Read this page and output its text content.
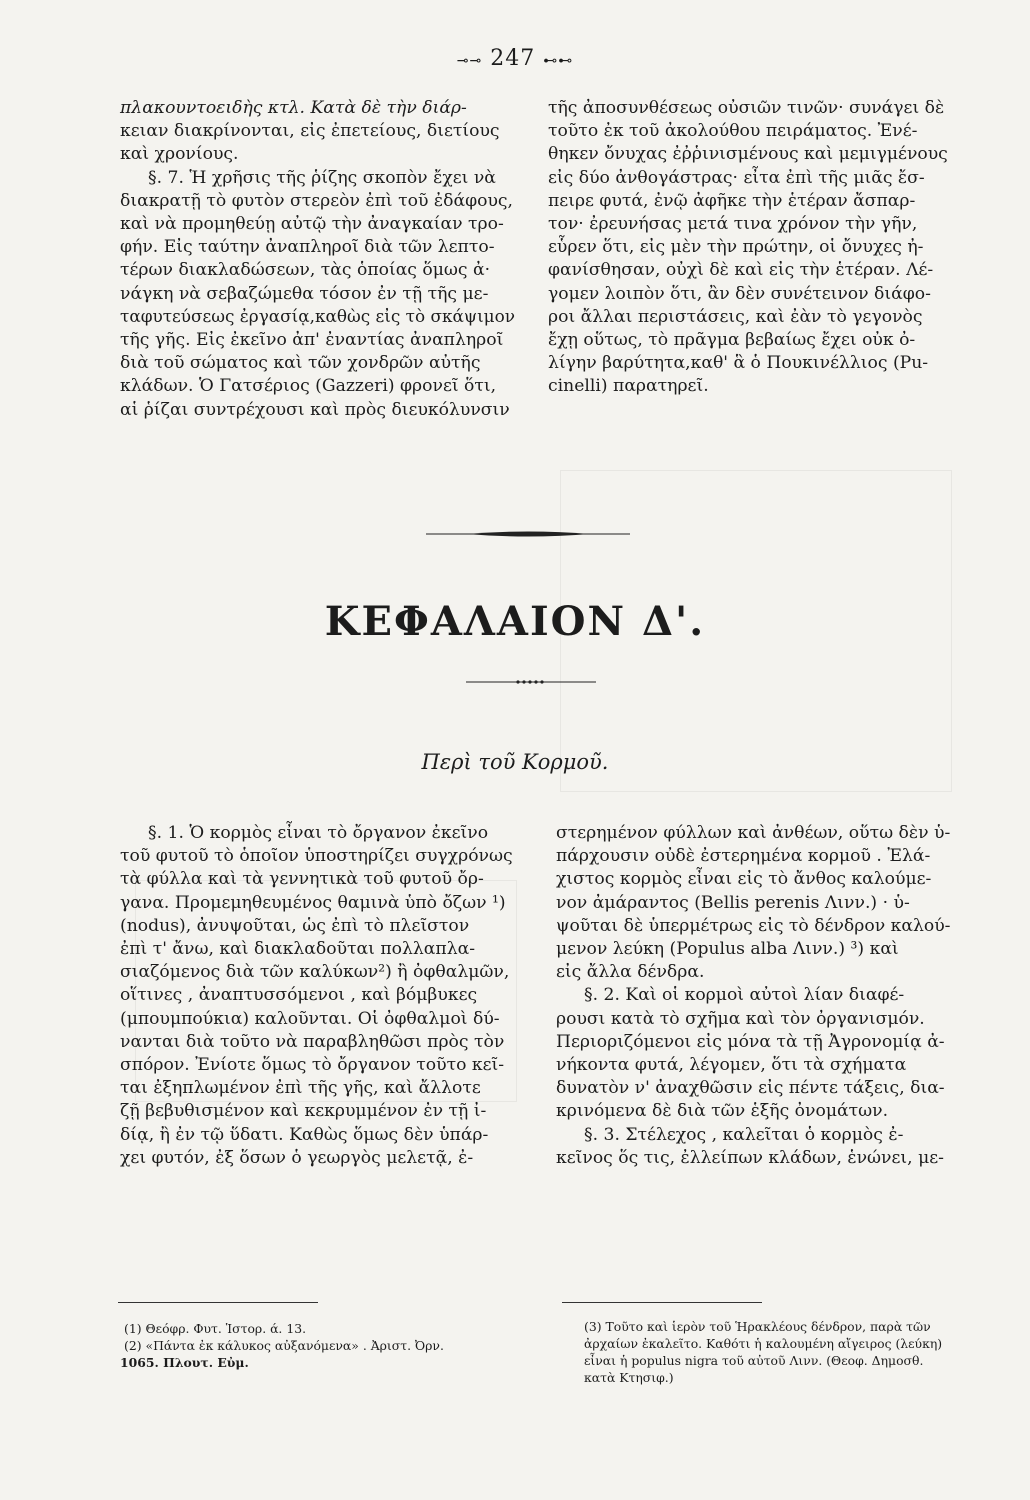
⊸⊸ 247 ⊷⊷
πλακουντοειδὴς κτλ. Κατὰ δὲ τὴν διάρ-
κειαν διακρίνονται, εἰς ἐπετείους, διετίους
καὶ χρονίους.
§. 7. Ἡ χρῆσις τῆς ῥίζης σκοπὸν ἔχει νὰ
διακρατῇ τὸ φυτὸν στερεὸν ἐπὶ τοῦ ἐδάφους,
καὶ νὰ προμηθεύῃ αὐτῷ τὴν ἀναγκαίαν τρο-
φήν. Εἰς ταύτην ἀναπληροῖ διὰ τῶν λεπτο-
τέρων διακλαδώσεων, τὰς ὁποίας ὅμως ἀ·
νάγκη νὰ σεβαζώμεθα τόσον ἐν τῇ τῆς με-
ταφυτεύσεως ἐργασίᾳ,καθὼς εἰς τὸ σκάψιμον
τῆς γῆς. Εἰς ἐκεῖνο ἀπ' ἐναντίας ἀναπληροῖ
διὰ τοῦ σώματος καὶ τῶν χονδρῶν αὐτῆς
κλάδων. Ὁ Γατσέριος (Gazzeri) φρονεῖ ὅτι,
αἱ ῥίζαι συντρέχουσι καὶ πρὸς διευκόλυνσιν
τῆς ἀποσυνθέσεως οὐσιῶν τινῶν· συνάγει δὲ
τοῦτο ἐκ τοῦ ἀκολούθου πειράματος. Ἐνέ-
θηκεν ὄνυχας ἐῤῥινισμένους καὶ μεμιγμένους
εἰς δύο ἀνθογάστρας· εἶτα ἐπὶ τῆς μιᾶς ἔσ-
πειρε φυτά, ἐνῷ ἀφῆκε τὴν ἑτέραν ἄσπαρ-
τον· ἐρευνήσας μετά τινα χρόνον τὴν γῆν,
εὗρεν ὅτι, εἰς μὲν τὴν πρώτην, οἱ ὄνυχες ἠ-
φανίσθησαν, οὐχὶ δὲ καὶ εἰς τὴν ἑτέραν. Λέ-
γομεν λοιπὸν ὅτι, ἂν δὲν συνέτεινον διάφο-
ροι ἄλλαι περιστάσεις, καὶ ἐὰν τὸ γεγονὸς
ἔχῃ οὕτως, τὸ πρᾶγμα βεβαίως ἔχει οὐκ ὀ-
λίγην βαρύτητα,καθ' ἃ ὁ Πουκινέλλιος (Pu-
cinelli) παρατηρεῖ.
ΚΕΦΑΛΑΙΟΝ Δ'.
Περὶ τοῦ Κορμοῦ.
§. 1. Ὁ κορμὸς εἶναι τὸ ὄργανον ἐκεῖνο
τοῦ φυτοῦ τὸ ὁποῖον ὑποστηρίζει συγχρόνως
τὰ φύλλα καὶ τὰ γεννητικὰ τοῦ φυτοῦ ὄρ-
γανα. Προμεμηθευμένος θαμινὰ ὑπὸ ὄζων ¹)
(nodus), ἀνυψοῦται, ὡς ἐπὶ τὸ πλεῖστον
ἐπὶ τ' ἄνω, καὶ διακλαδοῦται πολλαπλα-
σιαζόμενος διὰ τῶν καλύκων²) ἢ ὀφθαλμῶν,
οἵτινες , ἀναπτυσσόμενοι , καὶ βόμβυκες
(μπουμπούκια) καλοῦνται. Οἱ ὀφθαλμοὶ δύ-
νανται διὰ τοῦτο νὰ παραβληθῶσι πρὸς τὸν
σπόρον. Ἐνίοτε ὅμως τὸ ὄργανον τοῦτο κεῖ-
ται ἐξηπλωμένον ἐπὶ τῆς γῆς, καὶ ἄλλοτε
ζῇ βεβυθισμένον καὶ κεκρυμμένον ἐν τῇ ἰ-
δίᾳ, ἢ ἐν τῷ ὕδατι. Καθὼς ὅμως δὲν ὑπάρ-
χει φυτόν, ἐξ ὅσων ὁ γεωργὸς μελετᾷ, ἐ-
στερημένον φύλλων καὶ ἀνθέων, οὕτω δὲν ὑ-
πάρχουσιν οὐδὲ ἐστερημένα κορμοῦ . Ἐλά-
χιστος κορμὸς εἶναι εἰς τὸ ἄνθος καλούμε-
νον ἀμάραντος (Bellis perenis Λινν.) · ὑ-
ψοῦται δὲ ὑπερμέτρως εἰς τὸ δένδρον καλού-
μενον λεύκη (Populus alba Λινν.) ³) καὶ
εἰς ἄλλα δένδρα.
§. 2. Καὶ οἱ κορμοὶ αὐτοὶ λίαν διαφέ-
ρουσι κατὰ τὸ σχῆμα καὶ τὸν ὀργανισμόν.
Περιοριζόμενοι εἰς μόνα τὰ τῇ Ἀγρονομίᾳ ἀ-
νήκοντα φυτά, λέγομεν, ὅτι τὰ σχήματα
δυνατὸν ν' ἀναχθῶσιν εἰς πέντε τάξεις, δια-
κρινόμενα δὲ διὰ τῶν ἑξῆς ὀνομάτων.
§. 3. Στέλεχος , καλεῖται ὁ κορμὸς ἐ-
κεῖνος ὅς τις, ἐλλείπων κλάδων, ἑνώνει, με-
(1) Θεόφρ. Φυτ. Ἱστορ. ά. 13.
(2) «Πάντα ἐκ κάλυκος αὐξανόμενα» . Ἀριστ. Ὀρν.
1065. Πλουτ. Εὐμ.
(3) Τοῦτο καὶ ἱερὸν τοῦ Ἡρακλέους δένδρον, παρὰ τῶν
ἀρχαίων ἐκαλεῖτο. Καθότι ἡ καλουμένη αἴγειρος (λεύκη)
εἶναι ἡ populus nigra τοῦ αὐτοῦ Λινν. (Θεοφ. Δημοσθ.
κατὰ Κτησιφ.)
